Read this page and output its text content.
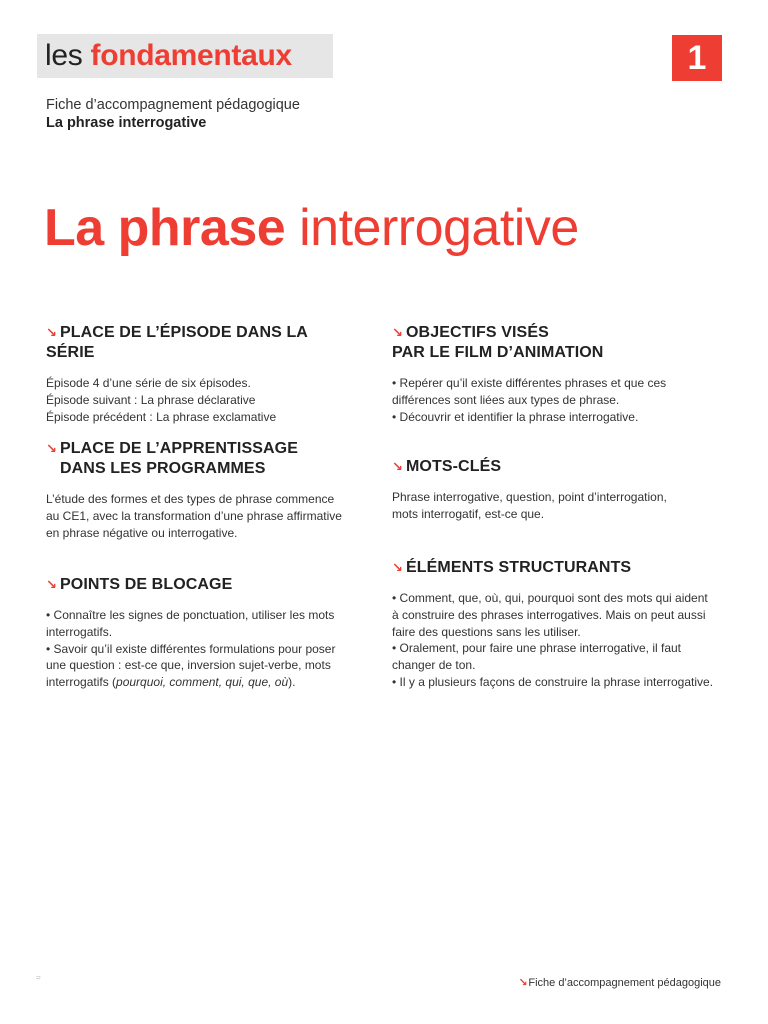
les fondamentaux	1
Fiche d’accompagnement pédagogique
La phrase interrogative
La phrase interrogative
↘ PLACE DE L’ÉPISODE DANS LA SÉRIE

Épisode 4 d’une série de six épisodes.

Épisode suivant : La phrase déclarative

Épisode précédent : La phrase exclamative

↘ PLACE DE L’APPRENTISSAGE
DANS LES PROGRAMMES

L’étude des formes et des types de phrase commence

au CE1, avec la transformation d’une phrase affirmative

en phrase négative ou interrogative.

↘ POINTS DE BLOCAGE

• Connaître les signes de ponctuation, utiliser les mots

interrogatifs.

• Savoir qu’il existe différentes formulations pour poser

une question : est-ce que, inversion sujet-verbe, mots

interrogatifs (pourquoi, comment, qui, que, où).

↘ OBJECTIFS VISÉS
PAR LE FILM D’ANIMATION

• Repérer qu’il existe différentes phrases et que ces

différences sont liées aux types de phrase.

• Découvrir et identifier la phrase interrogative.

↘ MOTS-CLÉS

Phrase interrogative, question, point d’interrogation,

mots interrogatif, est-ce que.

↘ ÉLÉMENTS STRUCTURANTS

• Comment, que, où, qui, pourquoi sont des mots qui aident

à construire des phrases interrogatives. Mais on peut aussi

faire des questions sans les utiliser.

• Oralement, pour faire une phrase interrogative, il faut

changer de ton.

• Il y a plusieurs façons de construire la phrase interrogative.

fr	↘Fiche d’accompagnement pédagogique
